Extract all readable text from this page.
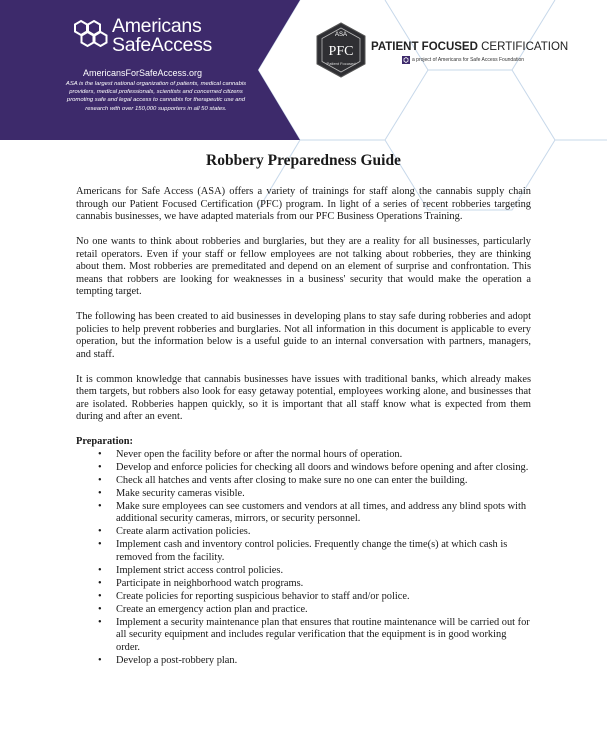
Americans
SafeAccess
AmericansForSafeAccess.org
ASA is the largest national organization of patients, medical cannabis providers, medical professionals, scientists and concerned citizens promoting safe and legal access to cannabis for therapeutic use and research with over 150,000 supporters in all 50 states.
ASA
PFC
Patient Focused
PATIENT FOCUSED CERTIFICATION
a project of Americans for Safe Access Foundation
Robbery Preparedness Guide

Americans for Safe Access (ASA) offers a variety of trainings for staff along the cannabis supply chain through our Patient Focused Certification (PFC) program. In light of a series of recent robberies targeting cannabis businesses, we have adapted materials from our PFC Business Operations Training.

No one wants to think about robberies and burglaries, but they are a reality for all businesses, particularly retail operators. Even if your staff or fellow employees are not talking about robberies, they are thinking about them. Most robberies are premeditated and depend on an element of surprise and confrontation. This means that robbers are looking for weaknesses in a business' security that would make the operation a tempting target.

The following has been created to aid businesses in developing plans to stay safe during robberies and adopt policies to help prevent robberies and burglaries. Not all information in this document is applicable to every operation, but the information below is a useful guide to an internal conversation with partners, managers, and staff.

It is common knowledge that cannabis businesses have issues with traditional banks, which already makes them targets, but robbers also look for easy getaway potential, employees working alone, and businesses that are isolated. Robberies happen quickly, so it is important that all staff know what is expected from them during and after an event.

Preparation:

• Never open the facility before or after the normal hours of operation.
• Develop and enforce policies for checking all doors and windows before opening and after closing.
• Check all hatches and vents after closing to make sure no one can enter the building.
• Make security cameras visible.
• Make sure employees can see customers and vendors at all times, and address any blind spots with additional security cameras, mirrors, or security personnel.
• Create alarm activation policies.
• Implement cash and inventory control policies. Frequently change the time(s) at which cash is removed from the facility.
• Implement strict access control policies.
• Participate in neighborhood watch programs.
• Create policies for reporting suspicious behavior to staff and/or police.
• Create an emergency action plan and practice.
• Implement a security maintenance plan that ensures that routine maintenance will be carried out for all security equipment and includes regular verification that the equipment is in good working order.
• Develop a post-robbery plan.
